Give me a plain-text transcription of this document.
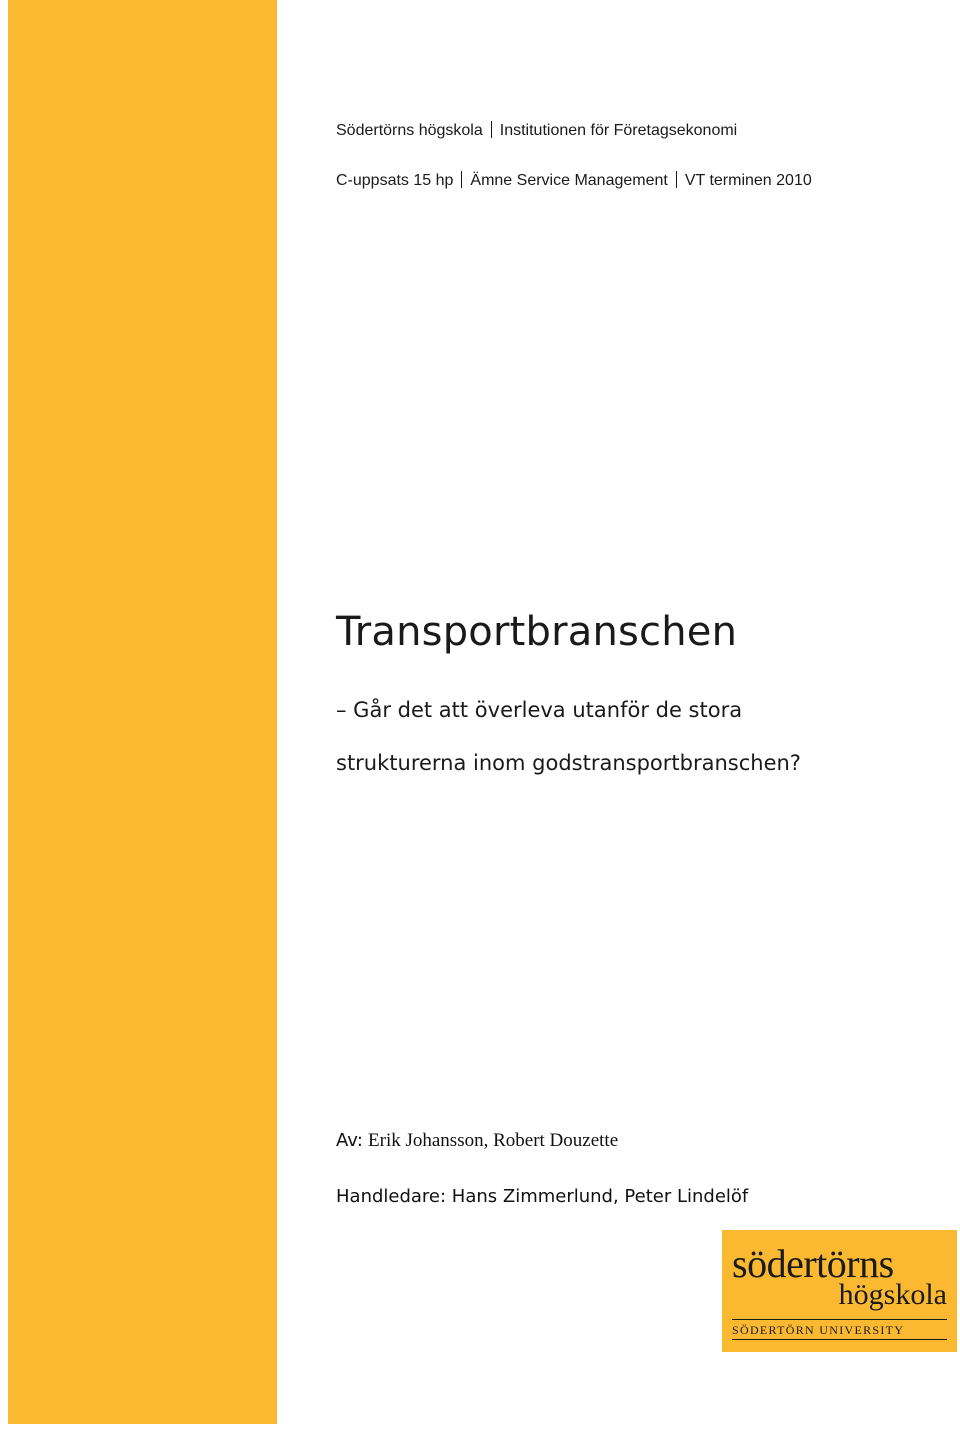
Södertörns högskola Institutionen för Företagsekonomi
C-uppsats 15 hp Ämne Service Management VT terminen 2010
Transportbranschen
– Går det att överleva utanför de stora
strukturerna inom godstransportbranschen?
Av: Erik Johansson, Robert Douzette
Handledare: Hans Zimmerlund, Peter Lindelöf
södertörns
högskola
SÖDERTÖRN UNIVERSITY
